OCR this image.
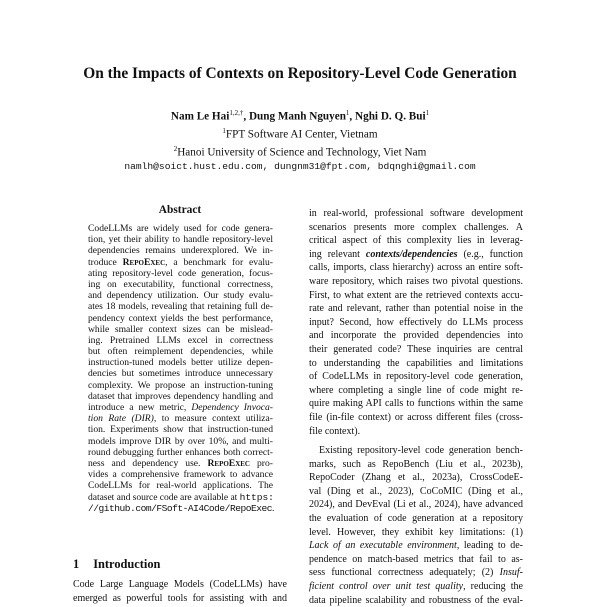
On the Impacts of Contexts on Repository-Level Code Generation
Nam Le Hai$^{1,2,\dagger}$, Dung Manh Nguyen$^1$, Nghi D. Q. Bui$^1$
$^1$FPT Software AI Center, Vietnam
$^2$Hanoi University of Science and Technology, Viet Nam
namlh@soict.hust.edu.com, dungnm31@fpt.com, bdqnghi@gmail.com
Abstract
CodeLLMs are widely used for code genera-
tion, yet their ability to handle repository-level
dependencies remains underexplored. We in-
troduce RepoExec, a benchmark for evalu-
ating repository-level code generation, focus-
ing on executability, functional correctness,
and dependency utilization. Our study evalu-
ates 18 models, revealing that retaining full de-
pendency context yields the best performance,
while smaller context sizes can be mislead-
ing. Pretrained LLMs excel in correctness
but often reimplement dependencies, while
instruction-tuned models better utilize depen-
dencies but sometimes introduce unnecessary
complexity. We propose an instruction-tuning
dataset that improves dependency handling and
introduce a new metric, Dependency Invoca-
tion Rate (DIR), to measure context utiliza-
tion. Experiments show that instruction-tuned
models improve DIR by over 10%, and multi-
round debugging further enhances both correct-
ness and dependency use. RepoExec pro-
vides a comprehensive framework to advance
CodeLLMs for real-world applications. The
dataset and source code are available at https:
//github.com/FSoft-AI4Code/RepoExec.
1 Introduction
Code Large Language Models (CodeLLMs) have
emerged as powerful tools for assisting with and
in real-world, professional software development
scenarios presents more complex challenges. A
critical aspect of this complexity lies in leverag-
ing relevant contexts/dependencies (e.g., function
calls, imports, class hierarchy) across an entire soft-
ware repository, which raises two pivotal questions.
First, to what extent are the retrieved contexts accu-
rate and relevant, rather than potential noise in the
input? Second, how effectively do LLMs process
and incorporate the provided dependencies into
their generated code? These inquiries are central
to understanding the capabilities and limitations
of CodeLLMs in repository-level code generation,
where completing a single line of code might re-
quire making API calls to functions within the same
file (in-file context) or across different files (cross-
file context).
Existing repository-level code generation bench-
marks, such as RepoBench (Liu et al., 2023b),
RepoCoder (Zhang et al., 2023a), CrossCodeE-
val (Ding et al., 2023), CoCoMIC (Ding et al.,
2024), and DevEval (Li et al., 2024), have advanced
the evaluation of code generation at a repository
level. However, they exhibit key limitations: (1)
Lack of an executable environment, leading to de-
pendence on match-based metrics that fail to as-
sess functional correctness adequately; (2) Insuf-
ficient control over unit test quality, reducing the
data pipeline scalability and robustness of the eval-
